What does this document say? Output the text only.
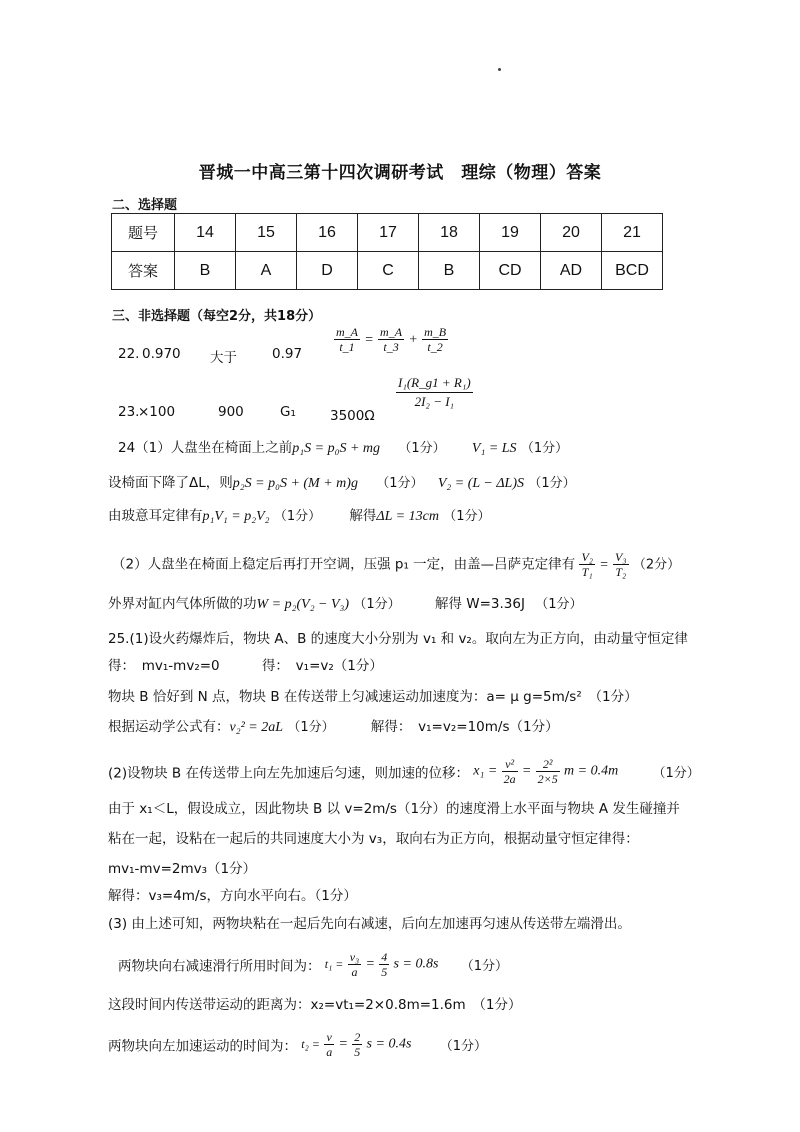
晋城一中高三第十四次调研考试　理综（物理）答案
二、选择题
题号	14	15	16	17	18	19	20	21
答案	B	A	D	C	B	CD	AD	BCD
三、非选择题（每空2分，共18分）
22. 0.970 大于	0.97	$\frac{m\_A}{t\_1} = \frac{m\_A}{t\_3} + \frac{m\_B}{t\_2}$
23.
×100	900	G₁	3500Ω
$\frac{\text{I₁(R\_g1 + R₁)}}{\text{2I₂ − I₁}}$
24（1）人盘坐在椅面上之前p₁S = p₀S + mg （1分） V₁ = LS （1分）
设椅面下降了ΔL，则p₂S = p₀S + (M + m)g （1分） V₂ = (L − ΔL)S （1分）
由玻意耳定律有p₁V₁ = p₂V₂ （1分） 解得ΔL = 13cm （1分）
（2）人盘坐在椅面上稳定后再打开空调，压强 p₁ 一定，由盖—吕萨克定律有 $\frac{\text{V₂}}{\text{T₁}} = \frac{\text{V₃}}{\text{T₂}} (2$分）
外界对缸内气体所做的功W = p₂(V₂ − V₃) （1分）	解得 W=3.36J （1分）
25.(1)设火药爆炸后，物块 A、B 的速度大小分别为 v₁ 和 v₂。取向左为正方向，由动量守恒定律
得：　mv₁-mv₂=0	得：　v₁=v₂（1分）
物块 B 恰好到 N 点，物块 B 在传送带上匀减速运动加速度为：a= μ g=5m/s²　（1分）
根据运动学公式有：v₂² = 2aL （1分）	解得：　v₁=v₂=10m/s（1分）
(2)设物块 B 在传送带上向左先加速后匀速，则加速的位移： $x_1 = \frac{\text{v²}}{2a} = \frac{\text{2²}}{2\times 5}$ m = 0.4m	（1分）
由于 x₁＜L，假设成立，因此物块 B 以 v=2m/s（1分）的速度滑上水平面与物块 A 发生碰撞并
粘在一起，设粘在一起后的共同速度大小为 v₃，取向右为正方向，根据动量守恒定律得：
mv₁-mv=2mv₃（1分）
解得：v₃=4m/s，方向水平向右。（1分）
(3) 由上述可知，两物块粘在一起后先向右减速，后向左加速再匀速从传送带左端滑出。
两物块向右减速滑行所用时间为： $t_1 = \frac{\text{v₃}}{a} = \frac{4}{5}$ s = 0.8s （1分）
这段时间内传送带运动的距离为：x₂=vt₁=2×0.8m=1.6m　（1分）
两物块向左加速运动的时间为： $t_2 = \frac{v}{a} = \frac{2}{5}$ s = 0.4s （1分）
